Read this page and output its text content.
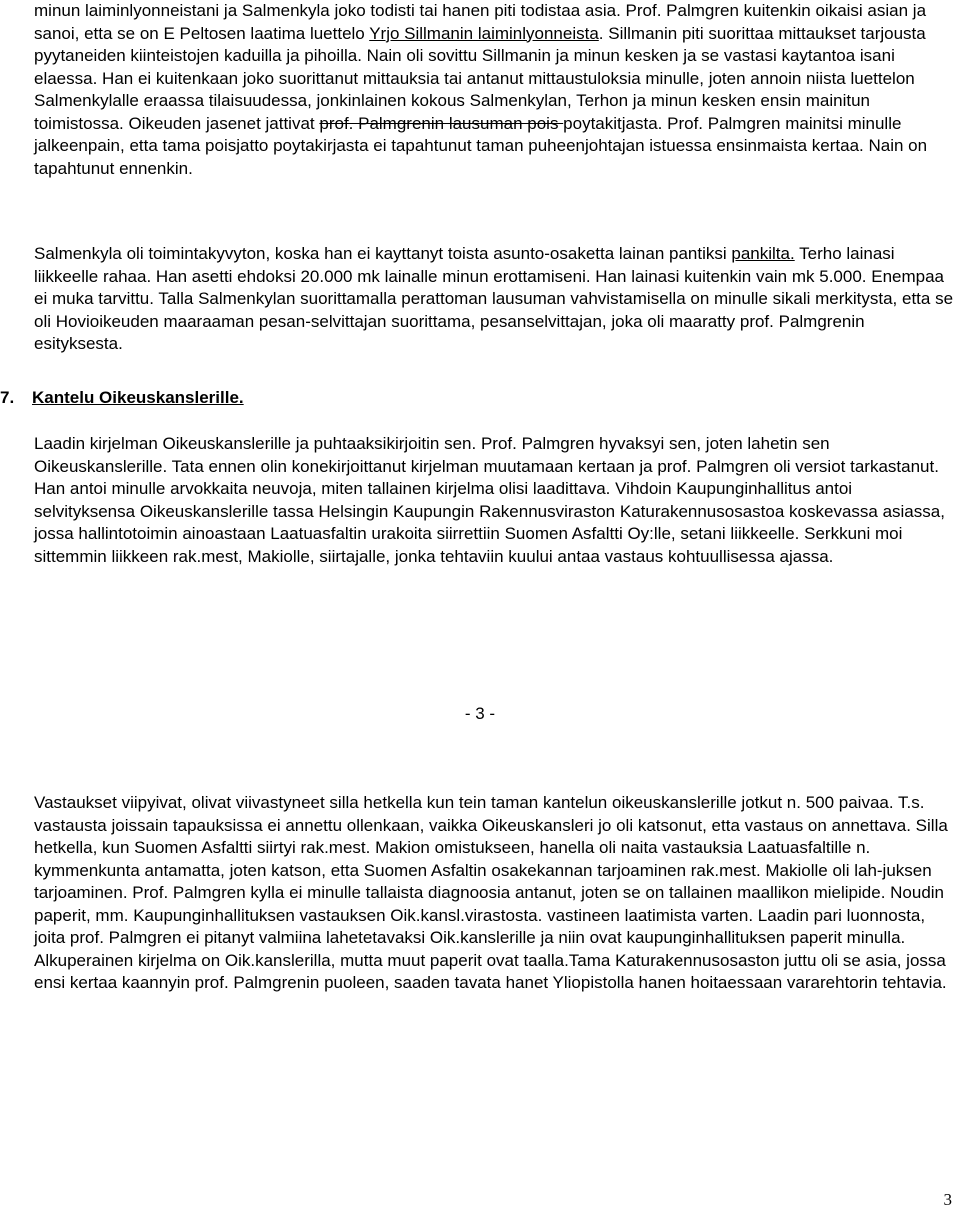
minun laiminlyonneistani ja Salmenkyla joko todisti tai hanen piti todistaa asia. Prof. Palmgren kuitenkin oikaisi asian ja sanoi, etta se on E Peltosen laatima luettelo Yrjo Sillmanin laiminlyonneista. Sillmanin piti suorittaa mittaukset tarjousta pyytaneiden kiinteistojen kaduilla ja pihoilla. Nain oli sovittu Sillmanin ja minun kesken ja se vastasi kaytantoa isani elaessa. Han ei kuitenkaan joko suorittanut mittauksia tai antanut mittaustuloksia minulle, joten annoin niista luettelon Salmenkylalle eraassa tilaisuudessa, jonkinlainen kokous Salmenkylan, Terhon ja minun kesken ensin mainitun toimistossa. Oikeuden jasenet jattivat prof. Palmgrenin lausuman pois poytakitjasta. Prof. Palmgren mainitsi minulle jalkeenpain, etta tama poisjatto poytakirjasta ei tapahtunut taman puheenjohtajan istuessa ensinmaista kertaa. Nain on tapahtunut ennenkin.

Salmenkyla oli toimintakyvyton, koska han ei kayttanyt toista asunto-osaketta lainan pantiksi pankilta. Terho lainasi liikkeelle rahaa. Han asetti ehdoksi 20.000 mk lainalle minun erottamiseni. Han lainasi kuitenkin vain mk 5.000. Enempaa ei muka tarvittu. Talla Salmenkylan suorittamalla perattoman lausuman vahvistamisella on minulle sikali merkitysta, etta se oli Hovioikeuden maaraaman pesan-selvittajan suorittama, pesanselvittajan, joka oli maaratty prof. Palmgrenin esityksesta.

7. Kantelu Oikeuskanslerille.

Laadin kirjelman Oikeuskanslerille ja puhtaaksikirjoitin sen. Prof. Palmgren hyvaksyi sen, joten lahetin sen Oikeuskanslerille. Tata ennen olin konekirjoittanut kirjelman muutamaan kertaan ja prof. Palmgren oli versiot tarkastanut. Han antoi minulle arvokkaita neuvoja, miten tallainen kirjelma olisi laadittava. Vihdoin Kaupunginhallitus antoi selvityksensa Oikeuskanslerille tassa Helsingin Kaupungin Rakennusviraston Katurakennusosastoa koskevassa asiassa, jossa hallintotoimin ainoastaan Laatuasfaltin urakoita siirrettiin Suomen Asfaltti Oy:lle, setani liikkeelle. Serkkuni moi sittemmin liikkeen rak.mest, Makiolle, siirtajalle, jonka tehtaviin kuului antaa vastaus kohtuullisessa ajassa.

- 3 -

Vastaukset viipyivat, olivat viivastyneet silla hetkella kun tein taman kantelun oikeuskanslerille jotkut n. 500 paivaa. T.s. vastausta joissain tapauksissa ei annettu ollenkaan, vaikka Oikeuskansleri jo oli katsonut, etta vastaus on annettava. Silla hetkella, kun Suomen Asfaltti siirtyi rak.mest. Makion omistukseen, hanella oli naita vastauksia Laatuasfaltille n. kymmenkunta antamatta, joten katson, etta Suomen Asfaltin osakekannan tarjoaminen rak.mest. Makiolle oli lah-juksen tarjoaminen. Prof. Palmgren kylla ei minulle tallaista diagnoosia antanut, joten se on tallainen maallikon mielipide. Noudin paperit, mm. Kaupunginhallituksen vastauksen Oik.kansl.virastosta. vastineen laatimista varten. Laadin pari luonnosta, joita prof. Palmgren ei pitanyt valmiina lahetetavaksi Oik.kanslerille ja niin ovat kaupunginhallituksen paperit minulla. Alkuperainen kirjelma on Oik.kanslerilla, mutta muut paperit ovat taalla.Tama Katurakennusosaston juttu oli se asia, jossa ensi kertaa kaannyin prof. Palmgrenin puoleen, saaden tavata hanet Yliopistolla hanen hoitaessaan vararehtorin tehtavia.

3
